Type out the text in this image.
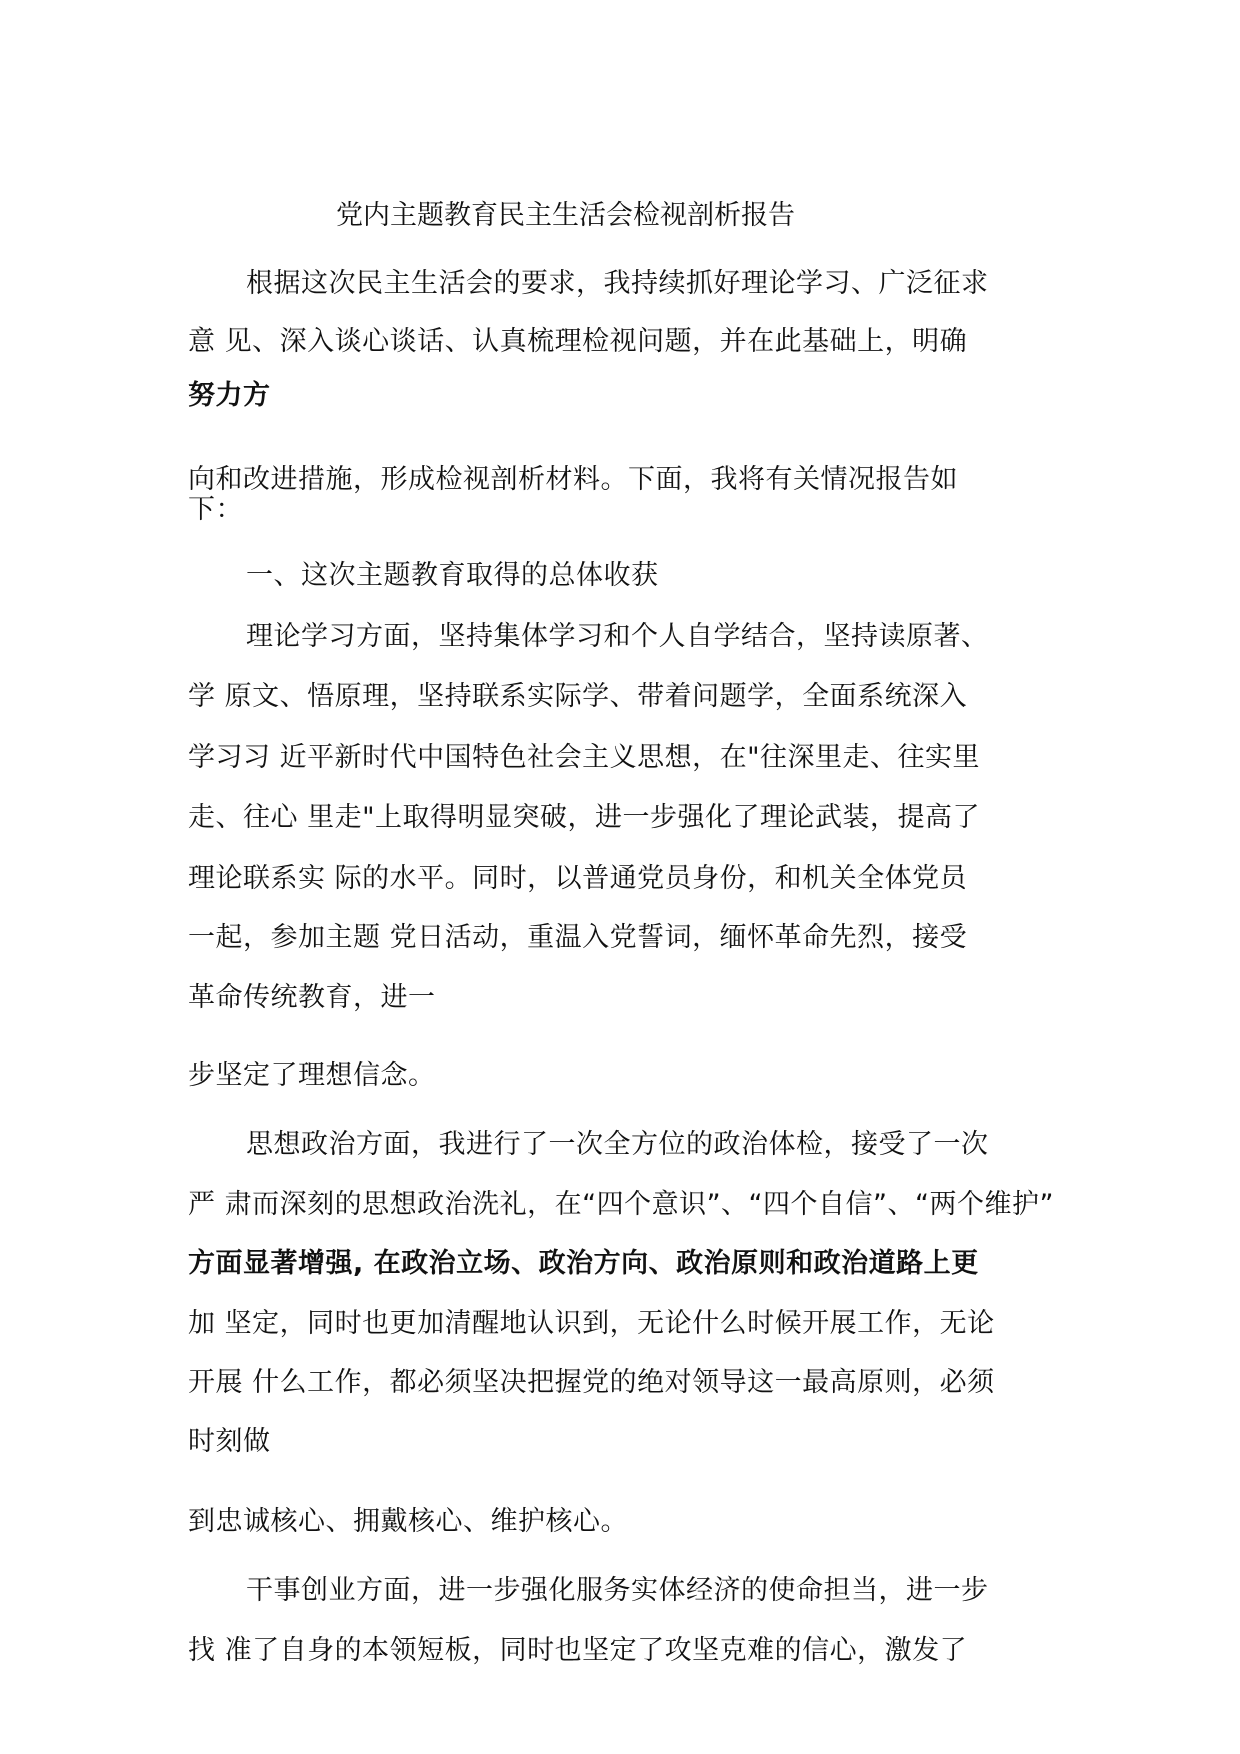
党内主题教育民主生活会检视剖析报告
根据这次民主生活会的要求，我持续抓好理论学习、广泛征求
意 见、深入谈心谈话、认真梳理检视问题，并在此基础上，明确
努力方
向和改进措施，形成检视剖析材料。下面，我将有关情况报告如
下：
一、这次主题教育取得的总体收获
理论学习方面，坚持集体学习和个人自学结合，坚持读原著、
学 原文、悟原理，坚持联系实际学、带着问题学，全面系统深入
学习习 近平新时代中国特色社会主义思想，在"往深里走、往实里
走、往心 里走"上取得明显突破，进一步强化了理论武装，提高了
理论联系实 际的水平。同时，以普通党员身份，和机关全体党员
一起，参加主题 党日活动，重温入党誓词，缅怀革命先烈，接受
革命传统教育，进一
步坚定了理想信念。
思想政治方面，我进行了一次全方位的政治体检，接受了一次
严 肃而深刻的思想政治洗礼，在“四个意识”、“四个自信”、“两个维护”
方面显著增强, 在政治立场、政治方向、政治原则和政治道路上更
加 坚定，同时也更加清醒地认识到，无论什么时候开展工作，无论
开展 什么工作，都必须坚决把握党的绝对领导这一最高原则，必须
时刻做
到忠诚核心、拥戴核心、维护核心。
干事创业方面，进一步强化服务实体经济的使命担当，进一步
找 准了自身的本领短板，同时也坚定了攻坚克难的信心，激发了
